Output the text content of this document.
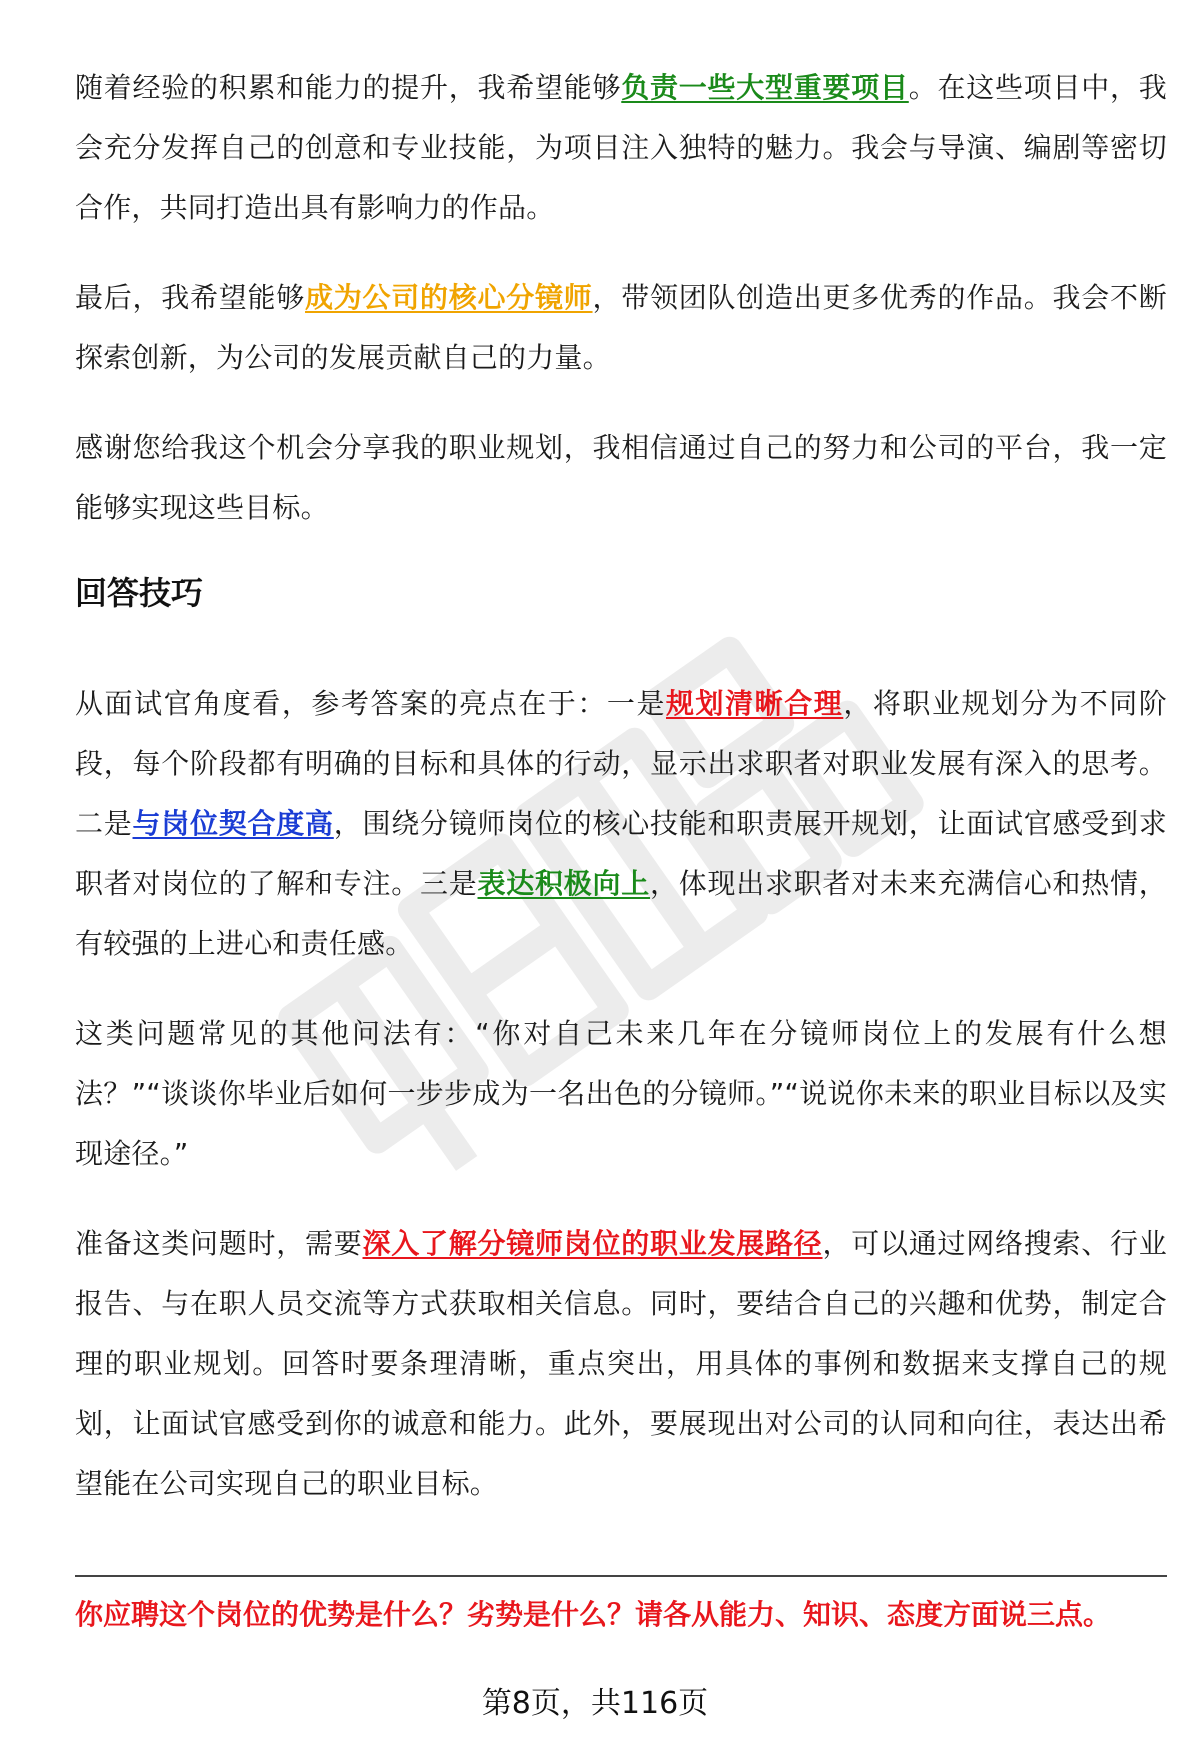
随着经验的积累和能力的提升，我希望能够负责一些大型重要项目。在这些项目中，我会充分发挥自己的创意和专业技能，为项目注入独特的魅力。我会与导演、编剧等密切合作，共同打造出具有影响力的作品。

最后，我希望能够成为公司的核心分镜师，带领团队创造出更多优秀的作品。我会不断探索创新，为公司的发展贡献自己的力量。

感谢您给我这个机会分享我的职业规划，我相信通过自己的努力和公司的平台，我一定能够实现这些目标。

回答技巧

从面试官角度看，参考答案的亮点在于：一是规划清晰合理，将职业规划分为不同阶段，每个阶段都有明确的目标和具体的行动，显示出求职者对职业发展有深入的思考。二是与岗位契合度高，围绕分镜师岗位的核心技能和职责展开规划，让面试官感受到求职者对岗位的了解和专注。三是表达积极向上，体现出求职者对未来充满信心和热情，有较强的上进心和责任感。

这类问题常见的其他问法有：“你对自己未来几年在分镜师岗位上的发展有什么想法？”“谈谈你毕业后如何一步步成为一名出色的分镜师。”“说说你未来的职业目标以及实现途径。”

准备这类问题时，需要深入了解分镜师岗位的职业发展路径，可以通过网络搜索、行业报告、与在职人员交流等方式获取相关信息。同时，要结合自己的兴趣和优势，制定合理的职业规划。回答时要条理清晰，重点突出，用具体的事例和数据来支撑自己的规划，让面试官感受到你的诚意和能力。此外，要展现出对公司的认同和向往，表达出希望能在公司实现自己的职业目标。

你应聘这个岗位的优势是什么？劣势是什么？请各从能力、知识、态度方面说三点。
第8页，共116页
